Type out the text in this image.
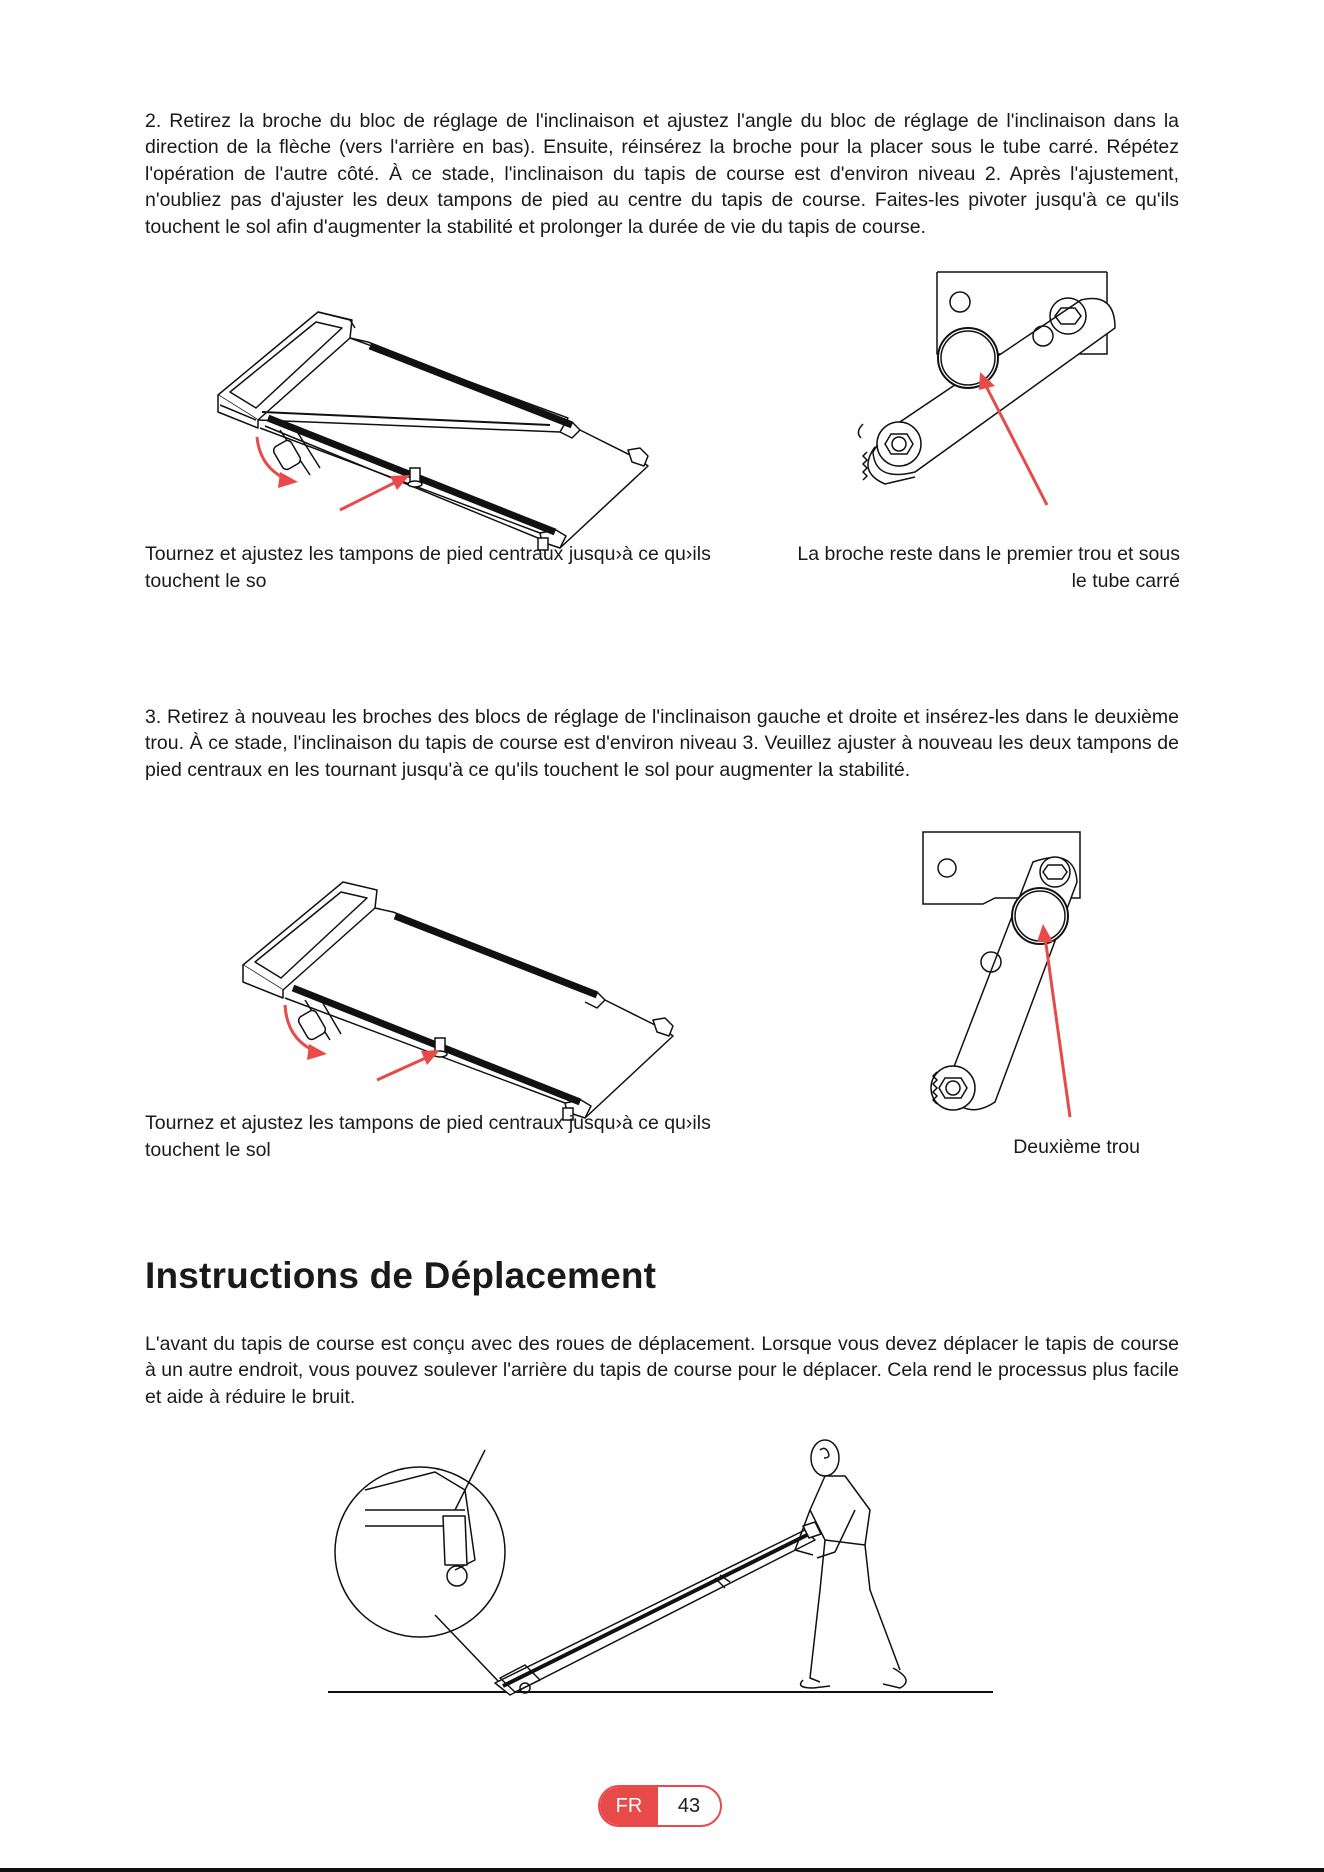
2. Retirez la broche du bloc de réglage de l'inclinaison et ajustez l'angle du bloc de réglage de l'inclinaison dans la direction de la flèche (vers l'arrière en bas). Ensuite, réinsérez la broche pour la placer sous le tube carré. Répétez l'opération de l'autre côté. À ce stade, l'inclinaison du tapis de course est d'environ niveau 2. Après l'ajustement, n'oubliez pas d'ajuster les deux tampons de pied au centre du tapis de course. Faites-les pivoter jusqu'à ce qu'ils touchent le sol afin d'augmenter la stabilité et prolonger la durée de vie du tapis de course.

Tournez et ajustez les tampons de pied centraux jusqu›à ce qu›ils touchent le so

La broche reste dans le premier trou et sous le tube carré

3. Retirez à nouveau les broches des blocs de réglage de l'inclinaison gauche et droite et insérez-les dans le deuxième trou. À ce stade, l'inclinaison du tapis de course est d'environ niveau 3. Veuillez ajuster à nouveau les deux tampons de pied centraux en les tournant jusqu'à ce qu'ils touchent le sol pour augmenter la stabilité.

Tournez et ajustez les tampons de pied centraux jusqu›à ce qu›ils touchent le sol	Deuxième trou

Instructions de Déplacement

L'avant du tapis de course est conçu avec des roues de déplacement. Lorsque vous devez déplacer le tapis de course à un autre endroit, vous pouvez soulever l'arrière du tapis de course pour le déplacer. Cela rend le processus plus facile et aide à réduire le bruit.

FR	43
